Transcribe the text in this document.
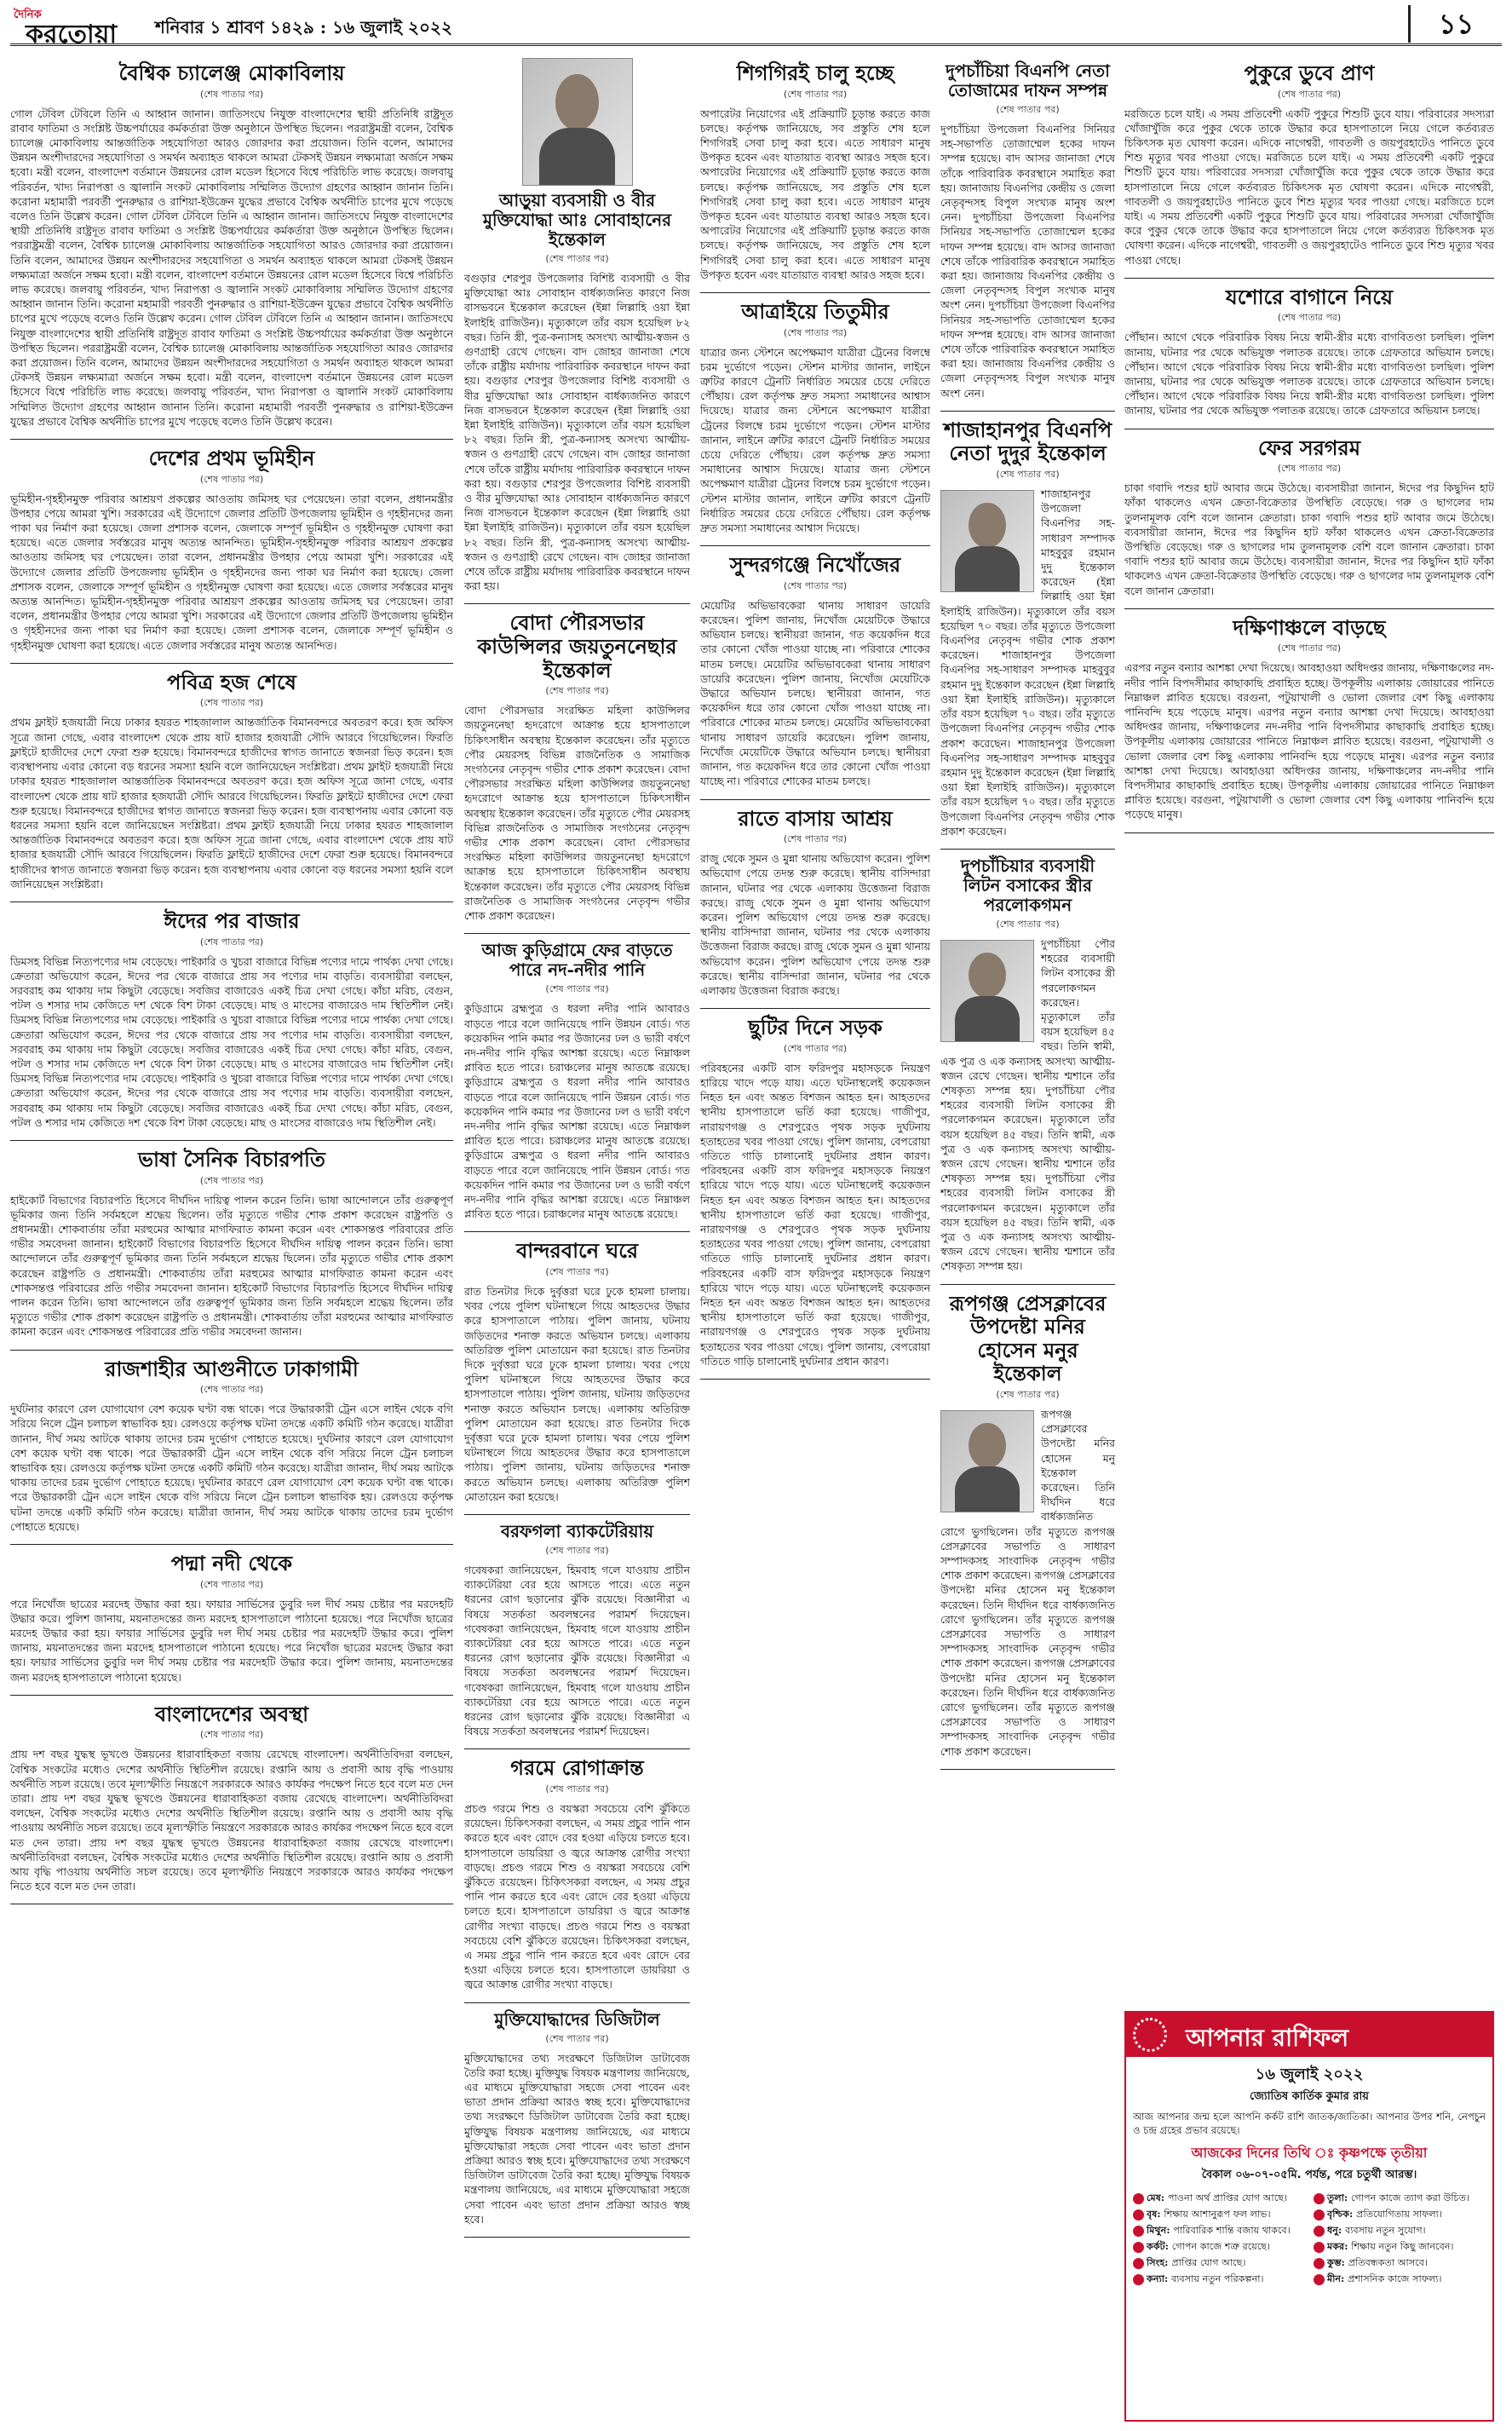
দৈনিক
করতোয়া শনিবার ১ শ্রাবণ ১৪২৯ : ১৬ জুলাই ২০২২	১১
বৈশ্বিক চ্যালেঞ্জ মোকাবিলায়
(শেষ পাতার পর)

গোল টেবিল টেবিলে তিনি এ আহ্বান জানান। জাতিসংঘে নিযুক্ত বাংলাদেশের স্থায়ী প্রতিনিধি রাষ্ট্রদূত রাবাব ফাতিমা ও সংশ্লিষ্ট উচ্চপর্যায়ের কর্মকর্তারা উক্ত অনুষ্ঠানে উপস্থিত ছিলেন। পররাষ্ট্রমন্ত্রী বলেন, বৈশ্বিক চ্যালেঞ্জ মোকাবিলায় আন্তর্জাতিক সহযোগিতা আরও জোরদার করা প্রয়োজন। তিনি বলেন, আমাদের উন্নয়ন অংশীদারদের সহযোগিতা ও সমর্থন অব্যাহত থাকলে আমরা টেকসই উন্নয়ন লক্ষ্যমাত্রা অর্জনে সক্ষম হবো। মন্ত্রী বলেন, বাংলাদেশ বর্তমানে উন্নয়নের রোল মডেল হিসেবে বিশ্বে পরিচিতি লাভ করেছে। জলবায়ু পরিবর্তন, খাদ্য নিরাপত্তা ও জ্বালানি সংকট মোকাবিলায় সম্মিলিত উদ্যোগ গ্রহণের আহ্বান জানান তিনি। করোনা মহামারী পরবর্তী পুনরুদ্ধার ও রাশিয়া-ইউক্রেন যুদ্ধের প্রভাবে বৈশ্বিক অর্থনীতি চাপের মুখে পড়েছে বলেও তিনি উল্লেখ করেন। গোল টেবিল টেবিলে তিনি এ আহ্বান জানান। জাতিসংঘে নিযুক্ত বাংলাদেশের স্থায়ী প্রতিনিধি রাষ্ট্রদূত রাবাব ফাতিমা ও সংশ্লিষ্ট উচ্চপর্যায়ের কর্মকর্তারা উক্ত অনুষ্ঠানে উপস্থিত ছিলেন। পররাষ্ট্রমন্ত্রী বলেন, বৈশ্বিক চ্যালেঞ্জ মোকাবিলায় আন্তর্জাতিক সহযোগিতা আরও জোরদার করা প্রয়োজন। তিনি বলেন, আমাদের উন্নয়ন অংশীদারদের সহযোগিতা ও সমর্থন অব্যাহত থাকলে আমরা টেকসই উন্নয়ন লক্ষ্যমাত্রা অর্জনে সক্ষম হবো। মন্ত্রী বলেন, বাংলাদেশ বর্তমানে উন্নয়নের রোল মডেল হিসেবে বিশ্বে পরিচিতি লাভ করেছে। জলবায়ু পরিবর্তন, খাদ্য নিরাপত্তা ও জ্বালানি সংকট মোকাবিলায় সম্মিলিত উদ্যোগ গ্রহণের আহ্বান জানান তিনি। করোনা মহামারী পরবর্তী পুনরুদ্ধার ও রাশিয়া-ইউক্রেন যুদ্ধের প্রভাবে বৈশ্বিক অর্থনীতি চাপের মুখে পড়েছে বলেও তিনি উল্লেখ করেন। গোল টেবিল টেবিলে তিনি এ আহ্বান জানান। জাতিসংঘে নিযুক্ত বাংলাদেশের স্থায়ী প্রতিনিধি রাষ্ট্রদূত রাবাব ফাতিমা ও সংশ্লিষ্ট উচ্চপর্যায়ের কর্মকর্তারা উক্ত অনুষ্ঠানে উপস্থিত ছিলেন। পররাষ্ট্রমন্ত্রী বলেন, বৈশ্বিক চ্যালেঞ্জ মোকাবিলায় আন্তর্জাতিক সহযোগিতা আরও জোরদার করা প্রয়োজন। তিনি বলেন, আমাদের উন্নয়ন অংশীদারদের সহযোগিতা ও সমর্থন অব্যাহত থাকলে আমরা টেকসই উন্নয়ন লক্ষ্যমাত্রা অর্জনে সক্ষম হবো। মন্ত্রী বলেন, বাংলাদেশ বর্তমানে উন্নয়নের রোল মডেল হিসেবে বিশ্বে পরিচিতি লাভ করেছে। জলবায়ু পরিবর্তন, খাদ্য নিরাপত্তা ও জ্বালানি সংকট মোকাবিলায় সম্মিলিত উদ্যোগ গ্রহণের আহ্বান জানান তিনি। করোনা মহামারী পরবর্তী পুনরুদ্ধার ও রাশিয়া-ইউক্রেন যুদ্ধের প্রভাবে বৈশ্বিক অর্থনীতি চাপের মুখে পড়েছে বলেও তিনি উল্লেখ করেন।

দেশের প্রথম ভূমিহীন
(শেষ পাতার পর)

ভূমিহীন-গৃহহীনমুক্ত পরিবার আশ্রয়ণ প্রকল্পের আওতায় জমিসহ ঘর পেয়েছেন। তারা বলেন, প্রধানমন্ত্রীর উপহার পেয়ে আমরা খুশি। সরকারের এই উদ্যোগে জেলার প্রতিটি উপজেলায় ভূমিহীন ও গৃহহীনদের জন্য পাকা ঘর নির্মাণ করা হয়েছে। জেলা প্রশাসক বলেন, জেলাকে সম্পূর্ণ ভূমিহীন ও গৃহহীনমুক্ত ঘোষণা করা হয়েছে। এতে জেলার সর্বস্তরের মানুষ অত্যন্ত আনন্দিত। ভূমিহীন-গৃহহীনমুক্ত পরিবার আশ্রয়ণ প্রকল্পের আওতায় জমিসহ ঘর পেয়েছেন। তারা বলেন, প্রধানমন্ত্রীর উপহার পেয়ে আমরা খুশি। সরকারের এই উদ্যোগে জেলার প্রতিটি উপজেলায় ভূমিহীন ও গৃহহীনদের জন্য পাকা ঘর নির্মাণ করা হয়েছে। জেলা প্রশাসক বলেন, জেলাকে সম্পূর্ণ ভূমিহীন ও গৃহহীনমুক্ত ঘোষণা করা হয়েছে। এতে জেলার সর্বস্তরের মানুষ অত্যন্ত আনন্দিত। ভূমিহীন-গৃহহীনমুক্ত পরিবার আশ্রয়ণ প্রকল্পের আওতায় জমিসহ ঘর পেয়েছেন। তারা বলেন, প্রধানমন্ত্রীর উপহার পেয়ে আমরা খুশি। সরকারের এই উদ্যোগে জেলার প্রতিটি উপজেলায় ভূমিহীন ও গৃহহীনদের জন্য পাকা ঘর নির্মাণ করা হয়েছে। জেলা প্রশাসক বলেন, জেলাকে সম্পূর্ণ ভূমিহীন ও গৃহহীনমুক্ত ঘোষণা করা হয়েছে। এতে জেলার সর্বস্তরের মানুষ অত্যন্ত আনন্দিত।

পবিত্র হজ শেষে
(শেষ পাতার পর)

প্রথম ফ্লাইট হজযাত্রী নিয়ে ঢাকার হযরত শাহজালাল আন্তর্জাতিক বিমানবন্দরে অবতরণ করে। হজ অফিস সূত্রে জানা গেছে, এবার বাংলাদেশ থেকে প্রায় ষাট হাজার হজযাত্রী সৌদি আরবে গিয়েছিলেন। ফিরতি ফ্লাইটে হাজীদের দেশে ফেরা শুরু হয়েছে। বিমানবন্দরে হাজীদের স্বাগত জানাতে স্বজনরা ভিড় করেন। হজ ব্যবস্থাপনায় এবার কোনো বড় ধরনের সমস্যা হয়নি বলে জানিয়েছেন সংশ্লিষ্টরা। প্রথম ফ্লাইট হজযাত্রী নিয়ে ঢাকার হযরত শাহজালাল আন্তর্জাতিক বিমানবন্দরে অবতরণ করে। হজ অফিস সূত্রে জানা গেছে, এবার বাংলাদেশ থেকে প্রায় ষাট হাজার হজযাত্রী সৌদি আরবে গিয়েছিলেন। ফিরতি ফ্লাইটে হাজীদের দেশে ফেরা শুরু হয়েছে। বিমানবন্দরে হাজীদের স্বাগত জানাতে স্বজনরা ভিড় করেন। হজ ব্যবস্থাপনায় এবার কোনো বড় ধরনের সমস্যা হয়নি বলে জানিয়েছেন সংশ্লিষ্টরা। প্রথম ফ্লাইট হজযাত্রী নিয়ে ঢাকার হযরত শাহজালাল আন্তর্জাতিক বিমানবন্দরে অবতরণ করে। হজ অফিস সূত্রে জানা গেছে, এবার বাংলাদেশ থেকে প্রায় ষাট হাজার হজযাত্রী সৌদি আরবে গিয়েছিলেন। ফিরতি ফ্লাইটে হাজীদের দেশে ফেরা শুরু হয়েছে। বিমানবন্দরে হাজীদের স্বাগত জানাতে স্বজনরা ভিড় করেন। হজ ব্যবস্থাপনায় এবার কোনো বড় ধরনের সমস্যা হয়নি বলে জানিয়েছেন সংশ্লিষ্টরা।

ঈদের পর বাজার
(শেষ পাতার পর)

ডিমসহ বিভিন্ন নিত্যপণ্যের দাম বেড়েছে। পাইকারি ও খুচরা বাজারে বিভিন্ন পণ্যের দামে পার্থক্য দেখা গেছে। ক্রেতারা অভিযোগ করেন, ঈদের পর থেকে বাজারে প্রায় সব পণ্যের দাম বাড়তি। ব্যবসায়ীরা বলছেন, সরবরাহ কম থাকায় দাম কিছুটা বেড়েছে। সবজির বাজারেও একই চিত্র দেখা গেছে। কাঁচা মরিচ, বেগুন, পটল ও শসার দাম কেজিতে দশ থেকে বিশ টাকা বেড়েছে। মাছ ও মাংসের বাজারেও দাম স্থিতিশীল নেই। ডিমসহ বিভিন্ন নিত্যপণ্যের দাম বেড়েছে। পাইকারি ও খুচরা বাজারে বিভিন্ন পণ্যের দামে পার্থক্য দেখা গেছে। ক্রেতারা অভিযোগ করেন, ঈদের পর থেকে বাজারে প্রায় সব পণ্যের দাম বাড়তি। ব্যবসায়ীরা বলছেন, সরবরাহ কম থাকায় দাম কিছুটা বেড়েছে। সবজির বাজারেও একই চিত্র দেখা গেছে। কাঁচা মরিচ, বেগুন, পটল ও শসার দাম কেজিতে দশ থেকে বিশ টাকা বেড়েছে। মাছ ও মাংসের বাজারেও দাম স্থিতিশীল নেই। ডিমসহ বিভিন্ন নিত্যপণ্যের দাম বেড়েছে। পাইকারি ও খুচরা বাজারে বিভিন্ন পণ্যের দামে পার্থক্য দেখা গেছে। ক্রেতারা অভিযোগ করেন, ঈদের পর থেকে বাজারে প্রায় সব পণ্যের দাম বাড়তি। ব্যবসায়ীরা বলছেন, সরবরাহ কম থাকায় দাম কিছুটা বেড়েছে। সবজির বাজারেও একই চিত্র দেখা গেছে। কাঁচা মরিচ, বেগুন, পটল ও শসার দাম কেজিতে দশ থেকে বিশ টাকা বেড়েছে। মাছ ও মাংসের বাজারেও দাম স্থিতিশীল নেই।

ভাষা সৈনিক বিচারপতি
(শেষ পাতার পর)

হাইকোর্ট বিভাগের বিচারপতি হিসেবে দীর্ঘদিন দায়িত্ব পালন করেন তিনি। ভাষা আন্দোলনে তাঁর গুরুত্বপূর্ণ ভূমিকার জন্য তিনি সর্বমহলে শ্রদ্ধেয় ছিলেন। তাঁর মৃত্যুতে গভীর শোক প্রকাশ করেছেন রাষ্ট্রপতি ও প্রধানমন্ত্রী। শোকবার্তায় তাঁরা মরহুমের আত্মার মাগফিরাত কামনা করেন এবং শোকসন্তপ্ত পরিবারের প্রতি গভীর সমবেদনা জানান। হাইকোর্ট বিভাগের বিচারপতি হিসেবে দীর্ঘদিন দায়িত্ব পালন করেন তিনি। ভাষা আন্দোলনে তাঁর গুরুত্বপূর্ণ ভূমিকার জন্য তিনি সর্বমহলে শ্রদ্ধেয় ছিলেন। তাঁর মৃত্যুতে গভীর শোক প্রকাশ করেছেন রাষ্ট্রপতি ও প্রধানমন্ত্রী। শোকবার্তায় তাঁরা মরহুমের আত্মার মাগফিরাত কামনা করেন এবং শোকসন্তপ্ত পরিবারের প্রতি গভীর সমবেদনা জানান। হাইকোর্ট বিভাগের বিচারপতি হিসেবে দীর্ঘদিন দায়িত্ব পালন করেন তিনি। ভাষা আন্দোলনে তাঁর গুরুত্বপূর্ণ ভূমিকার জন্য তিনি সর্বমহলে শ্রদ্ধেয় ছিলেন। তাঁর মৃত্যুতে গভীর শোক প্রকাশ করেছেন রাষ্ট্রপতি ও প্রধানমন্ত্রী। শোকবার্তায় তাঁরা মরহুমের আত্মার মাগফিরাত কামনা করেন এবং শোকসন্তপ্ত পরিবারের প্রতি গভীর সমবেদনা জানান।

রাজশাহীর আগুনীতে ঢাকাগামী
(শেষ পাতার পর)

দুর্ঘটনার কারণে রেল যোগাযোগ বেশ কয়েক ঘণ্টা বন্ধ থাকে। পরে উদ্ধারকারী ট্রেন এসে লাইন থেকে বগি সরিয়ে নিলে ট্রেন চলাচল স্বাভাবিক হয়। রেলওয়ে কর্তৃপক্ষ ঘটনা তদন্তে একটি কমিটি গঠন করেছে। যাত্রীরা জানান, দীর্ঘ সময় আটকে থাকায় তাদের চরম দুর্ভোগ পোহাতে হয়েছে। দুর্ঘটনার কারণে রেল যোগাযোগ বেশ কয়েক ঘণ্টা বন্ধ থাকে। পরে উদ্ধারকারী ট্রেন এসে লাইন থেকে বগি সরিয়ে নিলে ট্রেন চলাচল স্বাভাবিক হয়। রেলওয়ে কর্তৃপক্ষ ঘটনা তদন্তে একটি কমিটি গঠন করেছে। যাত্রীরা জানান, দীর্ঘ সময় আটকে থাকায় তাদের চরম দুর্ভোগ পোহাতে হয়েছে। দুর্ঘটনার কারণে রেল যোগাযোগ বেশ কয়েক ঘণ্টা বন্ধ থাকে। পরে উদ্ধারকারী ট্রেন এসে লাইন থেকে বগি সরিয়ে নিলে ট্রেন চলাচল স্বাভাবিক হয়। রেলওয়ে কর্তৃপক্ষ ঘটনা তদন্তে একটি কমিটি গঠন করেছে। যাত্রীরা জানান, দীর্ঘ সময় আটকে থাকায় তাদের চরম দুর্ভোগ পোহাতে হয়েছে।

পদ্মা নদী থেকে
(শেষ পাতার পর)

পরে নিখোঁজ ছাত্রের মরদেহ উদ্ধার করা হয়। ফায়ার সার্ভিসের ডুবুরি দল দীর্ঘ সময় চেষ্টার পর মরদেহটি উদ্ধার করে। পুলিশ জানায়, ময়নাতদন্তের জন্য মরদেহ হাসপাতালে পাঠানো হয়েছে। পরে নিখোঁজ ছাত্রের মরদেহ উদ্ধার করা হয়। ফায়ার সার্ভিসের ডুবুরি দল দীর্ঘ সময় চেষ্টার পর মরদেহটি উদ্ধার করে। পুলিশ জানায়, ময়নাতদন্তের জন্য মরদেহ হাসপাতালে পাঠানো হয়েছে। পরে নিখোঁজ ছাত্রের মরদেহ উদ্ধার করা হয়। ফায়ার সার্ভিসের ডুবুরি দল দীর্ঘ সময় চেষ্টার পর মরদেহটি উদ্ধার করে। পুলিশ জানায়, ময়নাতদন্তের জন্য মরদেহ হাসপাতালে পাঠানো হয়েছে।

বাংলাদেশের অবস্থা
(শেষ পাতার পর)

প্রায় দশ বছর যুদ্ধস্থ ভূখণ্ডে উন্নয়নের ধারাবাহিকতা বজায় রেখেছে বাংলাদেশ। অর্থনীতিবিদরা বলছেন, বৈশ্বিক সংকটের মধ্যেও দেশের অর্থনীতি স্থিতিশীল রয়েছে। রপ্তানি আয় ও প্রবাসী আয় বৃদ্ধি পাওয়ায় অর্থনীতি সচল রয়েছে। তবে মূল্যস্ফীতি নিয়ন্ত্রণে সরকারকে আরও কার্যকর পদক্ষেপ নিতে হবে বলে মত দেন তারা। প্রায় দশ বছর যুদ্ধস্থ ভূখণ্ডে উন্নয়নের ধারাবাহিকতা বজায় রেখেছে বাংলাদেশ। অর্থনীতিবিদরা বলছেন, বৈশ্বিক সংকটের মধ্যেও দেশের অর্থনীতি স্থিতিশীল রয়েছে। রপ্তানি আয় ও প্রবাসী আয় বৃদ্ধি পাওয়ায় অর্থনীতি সচল রয়েছে। তবে মূল্যস্ফীতি নিয়ন্ত্রণে সরকারকে আরও কার্যকর পদক্ষেপ নিতে হবে বলে মত দেন তারা। প্রায় দশ বছর যুদ্ধস্থ ভূখণ্ডে উন্নয়নের ধারাবাহিকতা বজায় রেখেছে বাংলাদেশ। অর্থনীতিবিদরা বলছেন, বৈশ্বিক সংকটের মধ্যেও দেশের অর্থনীতি স্থিতিশীল রয়েছে। রপ্তানি আয় ও প্রবাসী আয় বৃদ্ধি পাওয়ায় অর্থনীতি সচল রয়েছে। তবে মূল্যস্ফীতি নিয়ন্ত্রণে সরকারকে আরও কার্যকর পদক্ষেপ নিতে হবে বলে মত দেন তারা।

আড়ুয়া ব্যবসায়ী ও বীর মুক্তিযোদ্ধা আঃ সোবাহানের ইন্তেকাল
(শেষ পাতার পর)

বগুড়ার শেরপুর উপজেলার বিশিষ্ট ব্যবসায়ী ও বীর মুক্তিযোদ্ধা আঃ সোবাহান বার্ধক্যজনিত কারণে নিজ বাসভবনে ইন্তেকাল করেছেন (ইন্না লিল্লাহি ওয়া ইন্না ইলাইহি রাজিউন)। মৃত্যুকালে তাঁর বয়স হয়েছিল ৮২ বছর। তিনি স্ত্রী, পুত্র-কন্যাসহ অসংখ্য আত্মীয়-স্বজন ও গুণগ্রাহী রেখে গেছেন। বাদ জোহর জানাজা শেষে তাঁকে রাষ্ট্রীয় মর্যাদায় পারিবারিক কবরস্থানে দাফন করা হয়। বগুড়ার শেরপুর উপজেলার বিশিষ্ট ব্যবসায়ী ও বীর মুক্তিযোদ্ধা আঃ সোবাহান বার্ধক্যজনিত কারণে নিজ বাসভবনে ইন্তেকাল করেছেন (ইন্না লিল্লাহি ওয়া ইন্না ইলাইহি রাজিউন)। মৃত্যুকালে তাঁর বয়স হয়েছিল ৮২ বছর। তিনি স্ত্রী, পুত্র-কন্যাসহ অসংখ্য আত্মীয়-স্বজন ও গুণগ্রাহী রেখে গেছেন। বাদ জোহর জানাজা শেষে তাঁকে রাষ্ট্রীয় মর্যাদায় পারিবারিক কবরস্থানে দাফন করা হয়। বগুড়ার শেরপুর উপজেলার বিশিষ্ট ব্যবসায়ী ও বীর মুক্তিযোদ্ধা আঃ সোবাহান বার্ধক্যজনিত কারণে নিজ বাসভবনে ইন্তেকাল করেছেন (ইন্না লিল্লাহি ওয়া ইন্না ইলাইহি রাজিউন)। মৃত্যুকালে তাঁর বয়স হয়েছিল ৮২ বছর। তিনি স্ত্রী, পুত্র-কন্যাসহ অসংখ্য আত্মীয়-স্বজন ও গুণগ্রাহী রেখে গেছেন। বাদ জোহর জানাজা শেষে তাঁকে রাষ্ট্রীয় মর্যাদায় পারিবারিক কবরস্থানে দাফন করা হয়।

বোদা পৌরসভার কাউন্সিলর জয়তুননেছার ইন্তেকাল
(শেষ পাতার পর)

বোদা পৌরসভার সংরক্ষিত মহিলা কাউন্সিলর জয়তুননেছা হৃদরোগে আক্রান্ত হয়ে হাসপাতালে চিকিৎসাধীন অবস্থায় ইন্তেকাল করেছেন। তাঁর মৃত্যুতে পৌর মেয়রসহ বিভিন্ন রাজনৈতিক ও সামাজিক সংগঠনের নেতৃবৃন্দ গভীর শোক প্রকাশ করেছেন। বোদা পৌরসভার সংরক্ষিত মহিলা কাউন্সিলর জয়তুননেছা হৃদরোগে আক্রান্ত হয়ে হাসপাতালে চিকিৎসাধীন অবস্থায় ইন্তেকাল করেছেন। তাঁর মৃত্যুতে পৌর মেয়রসহ বিভিন্ন রাজনৈতিক ও সামাজিক সংগঠনের নেতৃবৃন্দ গভীর শোক প্রকাশ করেছেন। বোদা পৌরসভার সংরক্ষিত মহিলা কাউন্সিলর জয়তুননেছা হৃদরোগে আক্রান্ত হয়ে হাসপাতালে চিকিৎসাধীন অবস্থায় ইন্তেকাল করেছেন। তাঁর মৃত্যুতে পৌর মেয়রসহ বিভিন্ন রাজনৈতিক ও সামাজিক সংগঠনের নেতৃবৃন্দ গভীর শোক প্রকাশ করেছেন।

আজ কুড়িগ্রামে ফের বাড়তে পারে নদ-নদীর পানি
(শেষ পাতার পর)

কুড়িগ্রামে ব্রহ্মপুত্র ও ধরলা নদীর পানি আবারও বাড়তে পারে বলে জানিয়েছে পানি উন্নয়ন বোর্ড। গত কয়েকদিন পানি কমার পর উজানের ঢল ও ভারী বর্ষণে নদ-নদীর পানি বৃদ্ধির আশঙ্কা রয়েছে। এতে নিম্নাঞ্চল প্লাবিত হতে পারে। চরাঞ্চলের মানুষ আতঙ্কে রয়েছে। কুড়িগ্রামে ব্রহ্মপুত্র ও ধরলা নদীর পানি আবারও বাড়তে পারে বলে জানিয়েছে পানি উন্নয়ন বোর্ড। গত কয়েকদিন পানি কমার পর উজানের ঢল ও ভারী বর্ষণে নদ-নদীর পানি বৃদ্ধির আশঙ্কা রয়েছে। এতে নিম্নাঞ্চল প্লাবিত হতে পারে। চরাঞ্চলের মানুষ আতঙ্কে রয়েছে। কুড়িগ্রামে ব্রহ্মপুত্র ও ধরলা নদীর পানি আবারও বাড়তে পারে বলে জানিয়েছে পানি উন্নয়ন বোর্ড। গত কয়েকদিন পানি কমার পর উজানের ঢল ও ভারী বর্ষণে নদ-নদীর পানি বৃদ্ধির আশঙ্কা রয়েছে। এতে নিম্নাঞ্চল প্লাবিত হতে পারে। চরাঞ্চলের মানুষ আতঙ্কে রয়েছে।

বান্দরবানে ঘরে
(শেষ পাতার পর)

রাত তিনটার দিকে দুর্বৃত্তরা ঘরে ঢুকে হামলা চালায়। খবর পেয়ে পুলিশ ঘটনাস্থলে গিয়ে আহতদের উদ্ধার করে হাসপাতালে পাঠায়। পুলিশ জানায়, ঘটনায় জড়িতদের শনাক্ত করতে অভিযান চলছে। এলাকায় অতিরিক্ত পুলিশ মোতায়েন করা হয়েছে। রাত তিনটার দিকে দুর্বৃত্তরা ঘরে ঢুকে হামলা চালায়। খবর পেয়ে পুলিশ ঘটনাস্থলে গিয়ে আহতদের উদ্ধার করে হাসপাতালে পাঠায়। পুলিশ জানায়, ঘটনায় জড়িতদের শনাক্ত করতে অভিযান চলছে। এলাকায় অতিরিক্ত পুলিশ মোতায়েন করা হয়েছে। রাত তিনটার দিকে দুর্বৃত্তরা ঘরে ঢুকে হামলা চালায়। খবর পেয়ে পুলিশ ঘটনাস্থলে গিয়ে আহতদের উদ্ধার করে হাসপাতালে পাঠায়। পুলিশ জানায়, ঘটনায় জড়িতদের শনাক্ত করতে অভিযান চলছে। এলাকায় অতিরিক্ত পুলিশ মোতায়েন করা হয়েছে।

বরফগলা ব্যাকটেরিয়ায়
(শেষ পাতার পর)

গবেষকরা জানিয়েছেন, হিমবাহ গলে যাওয়ায় প্রাচীন ব্যাকটেরিয়া বের হয়ে আসতে পারে। এতে নতুন ধরনের রোগ ছড়ানোর ঝুঁকি রয়েছে। বিজ্ঞানীরা এ বিষয়ে সতর্কতা অবলম্বনের পরামর্শ দিয়েছেন। গবেষকরা জানিয়েছেন, হিমবাহ গলে যাওয়ায় প্রাচীন ব্যাকটেরিয়া বের হয়ে আসতে পারে। এতে নতুন ধরনের রোগ ছড়ানোর ঝুঁকি রয়েছে। বিজ্ঞানীরা এ বিষয়ে সতর্কতা অবলম্বনের পরামর্শ দিয়েছেন। গবেষকরা জানিয়েছেন, হিমবাহ গলে যাওয়ায় প্রাচীন ব্যাকটেরিয়া বের হয়ে আসতে পারে। এতে নতুন ধরনের রোগ ছড়ানোর ঝুঁকি রয়েছে। বিজ্ঞানীরা এ বিষয়ে সতর্কতা অবলম্বনের পরামর্শ দিয়েছেন।

গরমে রোগাক্রান্ত
(শেষ পাতার পর)

প্রচণ্ড গরমে শিশু ও বয়স্করা সবচেয়ে বেশি ঝুঁকিতে রয়েছেন। চিকিৎসকরা বলছেন, এ সময় প্রচুর পানি পান করতে হবে এবং রোদে বের হওয়া এড়িয়ে চলতে হবে। হাসপাতালে ডায়রিয়া ও জ্বরে আক্রান্ত রোগীর সংখ্যা বাড়ছে। প্রচণ্ড গরমে শিশু ও বয়স্করা সবচেয়ে বেশি ঝুঁকিতে রয়েছেন। চিকিৎসকরা বলছেন, এ সময় প্রচুর পানি পান করতে হবে এবং রোদে বের হওয়া এড়িয়ে চলতে হবে। হাসপাতালে ডায়রিয়া ও জ্বরে আক্রান্ত রোগীর সংখ্যা বাড়ছে। প্রচণ্ড গরমে শিশু ও বয়স্করা সবচেয়ে বেশি ঝুঁকিতে রয়েছেন। চিকিৎসকরা বলছেন, এ সময় প্রচুর পানি পান করতে হবে এবং রোদে বের হওয়া এড়িয়ে চলতে হবে। হাসপাতালে ডায়রিয়া ও জ্বরে আক্রান্ত রোগীর সংখ্যা বাড়ছে।

মুক্তিযোদ্ধাদের ডিজিটাল
(শেষ পাতার পর)

মুক্তিযোদ্ধাদের তথ্য সংরক্ষণে ডিজিটাল ডাটাবেজ তৈরি করা হচ্ছে। মুক্তিযুদ্ধ বিষয়ক মন্ত্রণালয় জানিয়েছে, এর মাধ্যমে মুক্তিযোদ্ধারা সহজে সেবা পাবেন এবং ভাতা প্রদান প্রক্রিয়া আরও স্বচ্ছ হবে। মুক্তিযোদ্ধাদের তথ্য সংরক্ষণে ডিজিটাল ডাটাবেজ তৈরি করা হচ্ছে। মুক্তিযুদ্ধ বিষয়ক মন্ত্রণালয় জানিয়েছে, এর মাধ্যমে মুক্তিযোদ্ধারা সহজে সেবা পাবেন এবং ভাতা প্রদান প্রক্রিয়া আরও স্বচ্ছ হবে। মুক্তিযোদ্ধাদের তথ্য সংরক্ষণে ডিজিটাল ডাটাবেজ তৈরি করা হচ্ছে। মুক্তিযুদ্ধ বিষয়ক মন্ত্রণালয় জানিয়েছে, এর মাধ্যমে মুক্তিযোদ্ধারা সহজে সেবা পাবেন এবং ভাতা প্রদান প্রক্রিয়া আরও স্বচ্ছ হবে।

শিগগিরই চালু হচ্ছে
(শেষ পাতার পর)

অপারেটর নিয়োগের এই প্রক্রিয়াটি চূড়ান্ত করতে কাজ চলছে। কর্তৃপক্ষ জানিয়েছে, সব প্রস্তুতি শেষ হলে শিগগিরই সেবা চালু করা হবে। এতে সাধারণ মানুষ উপকৃত হবেন এবং যাতায়াত ব্যবস্থা আরও সহজ হবে। অপারেটর নিয়োগের এই প্রক্রিয়াটি চূড়ান্ত করতে কাজ চলছে। কর্তৃপক্ষ জানিয়েছে, সব প্রস্তুতি শেষ হলে শিগগিরই সেবা চালু করা হবে। এতে সাধারণ মানুষ উপকৃত হবেন এবং যাতায়াত ব্যবস্থা আরও সহজ হবে। অপারেটর নিয়োগের এই প্রক্রিয়াটি চূড়ান্ত করতে কাজ চলছে। কর্তৃপক্ষ জানিয়েছে, সব প্রস্তুতি শেষ হলে শিগগিরই সেবা চালু করা হবে। এতে সাধারণ মানুষ উপকৃত হবেন এবং যাতায়াত ব্যবস্থা আরও সহজ হবে।

আত্রাইয়ে তিতুমীর
(শেষ পাতার পর)

যাত্রার জন্য স্টেশনে অপেক্ষমাণ যাত্রীরা ট্রেনের বিলম্বে চরম দুর্ভোগে পড়েন। স্টেশন মাস্টার জানান, লাইনে ত্রুটির কারণে ট্রেনটি নির্ধারিত সময়ের চেয়ে দেরিতে পৌঁছায়। রেল কর্তৃপক্ষ দ্রুত সমস্যা সমাধানের আশ্বাস দিয়েছে। যাত্রার জন্য স্টেশনে অপেক্ষমাণ যাত্রীরা ট্রেনের বিলম্বে চরম দুর্ভোগে পড়েন। স্টেশন মাস্টার জানান, লাইনে ত্রুটির কারণে ট্রেনটি নির্ধারিত সময়ের চেয়ে দেরিতে পৌঁছায়। রেল কর্তৃপক্ষ দ্রুত সমস্যা সমাধানের আশ্বাস দিয়েছে। যাত্রার জন্য স্টেশনে অপেক্ষমাণ যাত্রীরা ট্রেনের বিলম্বে চরম দুর্ভোগে পড়েন। স্টেশন মাস্টার জানান, লাইনে ত্রুটির কারণে ট্রেনটি নির্ধারিত সময়ের চেয়ে দেরিতে পৌঁছায়। রেল কর্তৃপক্ষ দ্রুত সমস্যা সমাধানের আশ্বাস দিয়েছে।

সুন্দরগঞ্জে নিখোঁজের
(শেষ পাতার পর)

মেয়েটির অভিভাবকেরা থানায় সাধারণ ডায়েরি করেছেন। পুলিশ জানায়, নিখোঁজ মেয়েটিকে উদ্ধারে অভিযান চলছে। স্থানীয়রা জানান, গত কয়েকদিন ধরে তার কোনো খোঁজ পাওয়া যাচ্ছে না। পরিবারে শোকের মাতম চলছে। মেয়েটির অভিভাবকেরা থানায় সাধারণ ডায়েরি করেছেন। পুলিশ জানায়, নিখোঁজ মেয়েটিকে উদ্ধারে অভিযান চলছে। স্থানীয়রা জানান, গত কয়েকদিন ধরে তার কোনো খোঁজ পাওয়া যাচ্ছে না। পরিবারে শোকের মাতম চলছে। মেয়েটির অভিভাবকেরা থানায় সাধারণ ডায়েরি করেছেন। পুলিশ জানায়, নিখোঁজ মেয়েটিকে উদ্ধারে অভিযান চলছে। স্থানীয়রা জানান, গত কয়েকদিন ধরে তার কোনো খোঁজ পাওয়া যাচ্ছে না। পরিবারে শোকের মাতম চলছে।

রাতে বাসায় আশ্রয়
(শেষ পাতার পর)

রাজু থেকে সুমন ও মুন্না থানায় অভিযোগ করেন। পুলিশ অভিযোগ পেয়ে তদন্ত শুরু করেছে। স্থানীয় বাসিন্দারা জানান, ঘটনার পর থেকে এলাকায় উত্তেজনা বিরাজ করছে। রাজু থেকে সুমন ও মুন্না থানায় অভিযোগ করেন। পুলিশ অভিযোগ পেয়ে তদন্ত শুরু করেছে। স্থানীয় বাসিন্দারা জানান, ঘটনার পর থেকে এলাকায় উত্তেজনা বিরাজ করছে। রাজু থেকে সুমন ও মুন্না থানায় অভিযোগ করেন। পুলিশ অভিযোগ পেয়ে তদন্ত শুরু করেছে। স্থানীয় বাসিন্দারা জানান, ঘটনার পর থেকে এলাকায় উত্তেজনা বিরাজ করছে।

ছুটির দিনে সড়ক
(শেষ পাতার পর)

পরিবহনের একটি বাস ফরিদপুর মহাসড়কে নিয়ন্ত্রণ হারিয়ে খাদে পড়ে যায়। এতে ঘটনাস্থলেই কয়েকজন নিহত হন এবং অন্তত বিশজন আহত হন। আহতদের স্থানীয় হাসপাতালে ভর্তি করা হয়েছে। গাজীপুর, নারায়ণগঞ্জ ও শেরপুরেও পৃথক সড়ক দুর্ঘটনায় হতাহতের খবর পাওয়া গেছে। পুলিশ জানায়, বেপরোয়া গতিতে গাড়ি চালানোই দুর্ঘটনার প্রধান কারণ। পরিবহনের একটি বাস ফরিদপুর মহাসড়কে নিয়ন্ত্রণ হারিয়ে খাদে পড়ে যায়। এতে ঘটনাস্থলেই কয়েকজন নিহত হন এবং অন্তত বিশজন আহত হন। আহতদের স্থানীয় হাসপাতালে ভর্তি করা হয়েছে। গাজীপুর, নারায়ণগঞ্জ ও শেরপুরেও পৃথক সড়ক দুর্ঘটনায় হতাহতের খবর পাওয়া গেছে। পুলিশ জানায়, বেপরোয়া গতিতে গাড়ি চালানোই দুর্ঘটনার প্রধান কারণ। পরিবহনের একটি বাস ফরিদপুর মহাসড়কে নিয়ন্ত্রণ হারিয়ে খাদে পড়ে যায়। এতে ঘটনাস্থলেই কয়েকজন নিহত হন এবং অন্তত বিশজন আহত হন। আহতদের স্থানীয় হাসপাতালে ভর্তি করা হয়েছে। গাজীপুর, নারায়ণগঞ্জ ও শেরপুরেও পৃথক সড়ক দুর্ঘটনায় হতাহতের খবর পাওয়া গেছে। পুলিশ জানায়, বেপরোয়া গতিতে গাড়ি চালানোই দুর্ঘটনার প্রধান কারণ।

দুপচাঁচিয়া বিএনপি নেতা তোজামের দাফন সম্পন্ন
(শেষ পাতার পর)

দুপচাঁচিয়া উপজেলা বিএনপির সিনিয়র সহ-সভাপতি তোজাম্মেল হকের দাফন সম্পন্ন হয়েছে। বাদ আসর জানাজা শেষে তাঁকে পারিবারিক কবরস্থানে সমাহিত করা হয়। জানাজায় বিএনপির কেন্দ্রীয় ও জেলা নেতৃবৃন্দসহ বিপুল সংখ্যক মানুষ অংশ নেন। দুপচাঁচিয়া উপজেলা বিএনপির সিনিয়র সহ-সভাপতি তোজাম্মেল হকের দাফন সম্পন্ন হয়েছে। বাদ আসর জানাজা শেষে তাঁকে পারিবারিক কবরস্থানে সমাহিত করা হয়। জানাজায় বিএনপির কেন্দ্রীয় ও জেলা নেতৃবৃন্দসহ বিপুল সংখ্যক মানুষ অংশ নেন। দুপচাঁচিয়া উপজেলা বিএনপির সিনিয়র সহ-সভাপতি তোজাম্মেল হকের দাফন সম্পন্ন হয়েছে। বাদ আসর জানাজা শেষে তাঁকে পারিবারিক কবরস্থানে সমাহিত করা হয়। জানাজায় বিএনপির কেন্দ্রীয় ও জেলা নেতৃবৃন্দসহ বিপুল সংখ্যক মানুষ অংশ নেন।

শাজাহানপুর বিএনপি নেতা দুদুর ইন্তেকাল
(শেষ পাতার পর)

শাজাহানপুর উপজেলা বিএনপির সহ-সাধারণ সম্পাদক মাহবুবুর রহমান দুদু ইন্তেকাল করেছেন (ইন্না লিল্লাহি ওয়া ইন্না ইলাইহি রাজিউন)। মৃত্যুকালে তাঁর বয়স হয়েছিল ৭০ বছর। তাঁর মৃত্যুতে উপজেলা বিএনপির নেতৃবৃন্দ গভীর শোক প্রকাশ করেছেন। শাজাহানপুর উপজেলা বিএনপির সহ-সাধারণ সম্পাদক মাহবুবুর রহমান দুদু ইন্তেকাল করেছেন (ইন্না লিল্লাহি ওয়া ইন্না ইলাইহি রাজিউন)। মৃত্যুকালে তাঁর বয়স হয়েছিল ৭০ বছর। তাঁর মৃত্যুতে উপজেলা বিএনপির নেতৃবৃন্দ গভীর শোক প্রকাশ করেছেন। শাজাহানপুর উপজেলা বিএনপির সহ-সাধারণ সম্পাদক মাহবুবুর রহমান দুদু ইন্তেকাল করেছেন (ইন্না লিল্লাহি ওয়া ইন্না ইলাইহি রাজিউন)। মৃত্যুকালে তাঁর বয়স হয়েছিল ৭০ বছর। তাঁর মৃত্যুতে উপজেলা বিএনপির নেতৃবৃন্দ গভীর শোক প্রকাশ করেছেন।

দুপচাঁচিয়ার ব্যবসায়ী লিটন বসাকের স্ত্রীর পরলোকগমন
(শেষ পাতার পর)

দুপচাঁচিয়া পৌর শহরের ব্যবসায়ী লিটন বসাকের স্ত্রী পরলোকগমন করেছেন। মৃত্যুকালে তাঁর বয়স হয়েছিল ৪৫ বছর। তিনি স্বামী, এক পুত্র ও এক কন্যাসহ অসংখ্য আত্মীয়-স্বজন রেখে গেছেন। স্থানীয় শ্মশানে তাঁর শেষকৃত্য সম্পন্ন হয়। দুপচাঁচিয়া পৌর শহরের ব্যবসায়ী লিটন বসাকের স্ত্রী পরলোকগমন করেছেন। মৃত্যুকালে তাঁর বয়স হয়েছিল ৪৫ বছর। তিনি স্বামী, এক পুত্র ও এক কন্যাসহ অসংখ্য আত্মীয়-স্বজন রেখে গেছেন। স্থানীয় শ্মশানে তাঁর শেষকৃত্য সম্পন্ন হয়। দুপচাঁচিয়া পৌর শহরের ব্যবসায়ী লিটন বসাকের স্ত্রী পরলোকগমন করেছেন। মৃত্যুকালে তাঁর বয়স হয়েছিল ৪৫ বছর। তিনি স্বামী, এক পুত্র ও এক কন্যাসহ অসংখ্য আত্মীয়-স্বজন রেখে গেছেন। স্থানীয় শ্মশানে তাঁর শেষকৃত্য সম্পন্ন হয়।

রূপগঞ্জ প্রেসক্লাবের উপদেষ্টা মনির হোসেন মনুর ইন্তেকাল
(শেষ পাতার পর)

রূপগঞ্জ প্রেসক্লাবের উপদেষ্টা মনির হোসেন মনু ইন্তেকাল করেছেন। তিনি দীর্ঘদিন ধরে বার্ধক্যজনিত রোগে ভুগছিলেন। তাঁর মৃত্যুতে রূপগঞ্জ প্রেসক্লাবের সভাপতি ও সাধারণ সম্পাদকসহ সাংবাদিক নেতৃবৃন্দ গভীর শোক প্রকাশ করেছেন। রূপগঞ্জ প্রেসক্লাবের উপদেষ্টা মনির হোসেন মনু ইন্তেকাল করেছেন। তিনি দীর্ঘদিন ধরে বার্ধক্যজনিত রোগে ভুগছিলেন। তাঁর মৃত্যুতে রূপগঞ্জ প্রেসক্লাবের সভাপতি ও সাধারণ সম্পাদকসহ সাংবাদিক নেতৃবৃন্দ গভীর শোক প্রকাশ করেছেন। রূপগঞ্জ প্রেসক্লাবের উপদেষ্টা মনির হোসেন মনু ইন্তেকাল করেছেন। তিনি দীর্ঘদিন ধরে বার্ধক্যজনিত রোগে ভুগছিলেন। তাঁর মৃত্যুতে রূপগঞ্জ প্রেসক্লাবের সভাপতি ও সাধারণ সম্পাদকসহ সাংবাদিক নেতৃবৃন্দ গভীর শোক প্রকাশ করেছেন।

পুকুরে ডুবে প্রাণ
(শেষ পাতার পর)

মরজিতে চলে যাই। এ সময় প্রতিবেশী একটি পুকুরে শিশুটি ডুবে যায়। পরিবারের সদস্যরা খোঁজাখুঁজি করে পুকুর থেকে তাকে উদ্ধার করে হাসপাতালে নিয়ে গেলে কর্তব্যরত চিকিৎসক মৃত ঘোষণা করেন। এদিকে নাগেশ্বরী, গাবতলী ও জয়পুরহাটেও পানিতে ডুবে শিশু মৃত্যুর খবর পাওয়া গেছে। মরজিতে চলে যাই। এ সময় প্রতিবেশী একটি পুকুরে শিশুটি ডুবে যায়। পরিবারের সদস্যরা খোঁজাখুঁজি করে পুকুর থেকে তাকে উদ্ধার করে হাসপাতালে নিয়ে গেলে কর্তব্যরত চিকিৎসক মৃত ঘোষণা করেন। এদিকে নাগেশ্বরী, গাবতলী ও জয়পুরহাটেও পানিতে ডুবে শিশু মৃত্যুর খবর পাওয়া গেছে। মরজিতে চলে যাই। এ সময় প্রতিবেশী একটি পুকুরে শিশুটি ডুবে যায়। পরিবারের সদস্যরা খোঁজাখুঁজি করে পুকুর থেকে তাকে উদ্ধার করে হাসপাতালে নিয়ে গেলে কর্তব্যরত চিকিৎসক মৃত ঘোষণা করেন। এদিকে নাগেশ্বরী, গাবতলী ও জয়পুরহাটেও পানিতে ডুবে শিশু মৃত্যুর খবর পাওয়া গেছে।

যশোরে বাগানে নিয়ে
(শেষ পাতার পর)

পৌঁছান। আগে থেকে পরিবারিক বিষয় নিয়ে স্বামী-স্ত্রীর মধ্যে বাগবিতণ্ডা চলছিল। পুলিশ জানায়, ঘটনার পর থেকে অভিযুক্ত পলাতক রয়েছে। তাকে গ্রেফতারে অভিযান চলছে। পৌঁছান। আগে থেকে পরিবারিক বিষয় নিয়ে স্বামী-স্ত্রীর মধ্যে বাগবিতণ্ডা চলছিল। পুলিশ জানায়, ঘটনার পর থেকে অভিযুক্ত পলাতক রয়েছে। তাকে গ্রেফতারে অভিযান চলছে। পৌঁছান। আগে থেকে পরিবারিক বিষয় নিয়ে স্বামী-স্ত্রীর মধ্যে বাগবিতণ্ডা চলছিল। পুলিশ জানায়, ঘটনার পর থেকে অভিযুক্ত পলাতক রয়েছে। তাকে গ্রেফতারে অভিযান চলছে।

ফের সরগরম
(শেষ পাতার পর)

চাকা গবাদি পশুর হাট আবার জমে উঠেছে। ব্যবসায়ীরা জানান, ঈদের পর কিছুদিন হাট ফাঁকা থাকলেও এখন ক্রেতা-বিক্রেতার উপস্থিতি বেড়েছে। গরু ও ছাগলের দাম তুলনামূলক বেশি বলে জানান ক্রেতারা। চাকা গবাদি পশুর হাট আবার জমে উঠেছে। ব্যবসায়ীরা জানান, ঈদের পর কিছুদিন হাট ফাঁকা থাকলেও এখন ক্রেতা-বিক্রেতার উপস্থিতি বেড়েছে। গরু ও ছাগলের দাম তুলনামূলক বেশি বলে জানান ক্রেতারা। চাকা গবাদি পশুর হাট আবার জমে উঠেছে। ব্যবসায়ীরা জানান, ঈদের পর কিছুদিন হাট ফাঁকা থাকলেও এখন ক্রেতা-বিক্রেতার উপস্থিতি বেড়েছে। গরু ও ছাগলের দাম তুলনামূলক বেশি বলে জানান ক্রেতারা।

দক্ষিণাঞ্চলে বাড়ছে
(শেষ পাতার পর)

এরপর নতুন বন্যার আশঙ্কা দেখা দিয়েছে। আবহাওয়া অধিদপ্তর জানায়, দক্ষিণাঞ্চলের নদ-নদীর পানি বিপদসীমার কাছাকাছি প্রবাহিত হচ্ছে। উপকূলীয় এলাকায় জোয়ারের পানিতে নিম্নাঞ্চল প্লাবিত হয়েছে। বরগুনা, পটুয়াখালী ও ভোলা জেলার বেশ কিছু এলাকায় পানিবন্দি হয়ে পড়েছে মানুষ। এরপর নতুন বন্যার আশঙ্কা দেখা দিয়েছে। আবহাওয়া অধিদপ্তর জানায়, দক্ষিণাঞ্চলের নদ-নদীর পানি বিপদসীমার কাছাকাছি প্রবাহিত হচ্ছে। উপকূলীয় এলাকায় জোয়ারের পানিতে নিম্নাঞ্চল প্লাবিত হয়েছে। বরগুনা, পটুয়াখালী ও ভোলা জেলার বেশ কিছু এলাকায় পানিবন্দি হয়ে পড়েছে মানুষ। এরপর নতুন বন্যার আশঙ্কা দেখা দিয়েছে। আবহাওয়া অধিদপ্তর জানায়, দক্ষিণাঞ্চলের নদ-নদীর পানি বিপদসীমার কাছাকাছি প্রবাহিত হচ্ছে। উপকূলীয় এলাকায় জোয়ারের পানিতে নিম্নাঞ্চল প্লাবিত হয়েছে। বরগুনা, পটুয়াখালী ও ভোলা জেলার বেশ কিছু এলাকায় পানিবন্দি হয়ে পড়েছে মানুষ।

আপনার রাশিফল
১৬ জুলাই ২০২২
জ্যোতিষ কার্তিক কুমার রায়

আজ আপনার জন্ম হলে আপনি কর্কট রাশি জাতক/জাতিকা। আপনার উপর শনি, নেপচুন ও চন্দ্র গ্রহের প্রভাব রয়েছে।

আজকের দিনের তিথি ঃ কৃষ্ণপক্ষে তৃতীয়া
বৈকাল ০৬-০৭-০৫মি. পর্যন্ত, পরে চতুর্থী আরম্ভ।
মেষ: পাওনা অর্থ প্রাপ্তির যোগ আছে।	তুলা: গোপন কাজে ত্যাগ করা উচিত।
বৃষ: শিক্ষায় আশানুরূপ ফল লাভ।	বৃশ্চিক: প্রতিযোগিতায় সাফল্য।
মিথুন: পারিবারিক শান্তি বজায় থাকবে।	ধনু: ব্যবসায় নতুন সুযোগ।
কর্কট: গোপন কাজে শত্রু রয়েছে।	মকর: শিক্ষায় নতুন কিছু জানবেন।
সিংহ: প্রাপ্তির যোগ আছে।	কুম্ভ: প্রতিবন্ধকতা আসবে।
কন্যা: ব্যবসায় নতুন পরিকল্পনা।	মীন: প্রশাসনিক কাজে সাফল্য।
